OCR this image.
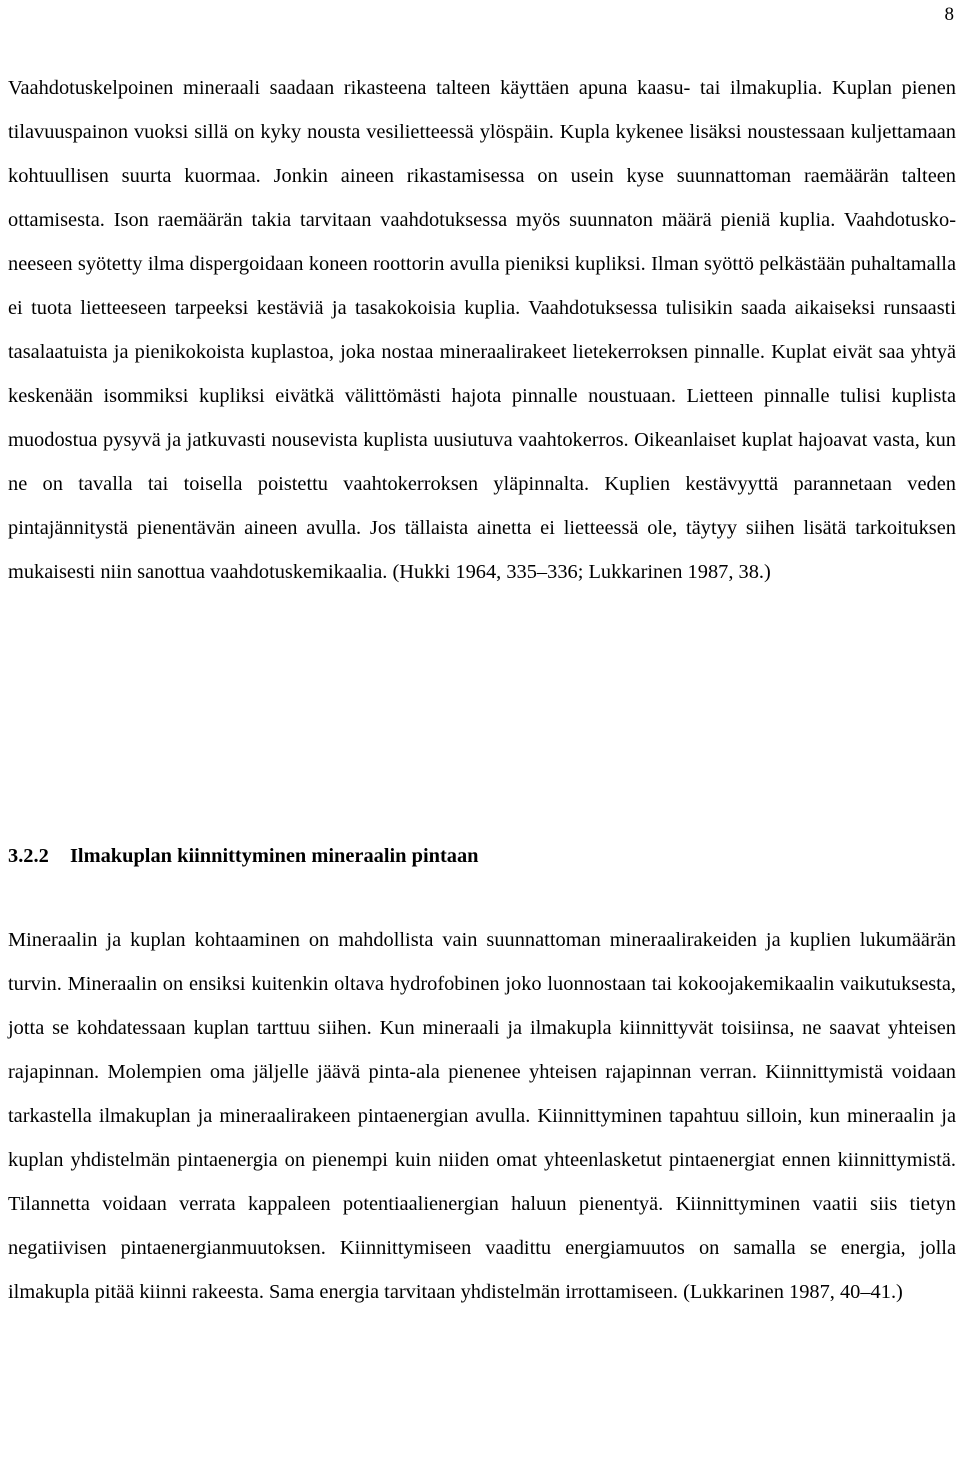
8

Vaahdotuskelpoinen mineraali saadaan rikasteena talteen käyttäen apuna kaasu- tai ilmakuplia. Kuplan pienen tilavuuspainon vuoksi sillä on kyky nousta vesilietteessä ylöspäin. Kupla kykenee lisäksi noustessaan kuljettamaan kohtuullisen suurta kuormaa. Jonkin aineen rikastamisessa on usein kyse suunnattoman raemäärän talteen ottamisesta. Ison raemäärän takia tarvitaan vaahdotuksessa myös suunnaton määrä pieniä kuplia. Vaahdotuskoneeseen syötetty ilma dispergoidaan koneen roottorin avulla pieniksi kupliksi. Ilman syöttö pelkästään puhaltamalla ei tuota lietteeseen tarpeeksi kestäviä ja tasakokoisia kuplia. Vaahdotuksessa tulisikin saada aikaiseksi runsaasti tasalaatuista ja pienikokoista kuplastoa, joka nostaa mineraalirakeet lietekerroksen pinnalle. Kuplat eivät saa yhtyä keskenään isommiksi kupliksi eivätkä välittömästi hajota pinnalle noustuaan. Lietteen pinnalle tulisi kuplista muodostua pysyvä ja jatkuvasti nousevista kuplista uusiutuva vaahtokerros. Oikeanlaiset kuplat hajoavat vasta, kun ne on tavalla tai toisella poistettu vaahtokerroksen yläpinnalta. Kuplien kestävyyttä parannetaan veden pintajännitystä pienentävän aineen avulla. Jos tällaista ainetta ei lietteessä ole, täytyy siihen lisätä tarkoituksen mukaisesti niin sanottua vaahdotuskemikaalia. (Hukki 1964, 335–336; Lukkarinen 1987, 38.)

3.2.2 Ilmakuplan kiinnittyminen mineraalin pintaan

Mineraalin ja kuplan kohtaaminen on mahdollista vain suunnattoman mineraalirakeiden ja kuplien lukumäärän turvin. Mineraalin on ensiksi kuitenkin oltava hydrofobinen joko luonnostaan tai kokoojakemikaalin vaikutuksesta, jotta se kohdatessaan kuplan tarttuu siihen. Kun mineraali ja ilmakupla kiinnittyvät toisiinsa, ne saavat yhteisen rajapinnan. Molempien oma jäljelle jäävä pinta-ala pienenee yhteisen rajapinnan verran. Kiinnittymistä voidaan tarkastella ilmakuplan ja mineraalirakeen pintaenergian avulla. Kiinnittyminen tapahtuu silloin, kun mineraalin ja kuplan yhdistelmän pintaenergia on pienempi kuin niiden omat yhteenlasketut pintaenergiat ennen kiinnittymistä. Tilannetta voidaan verrata kappaleen potentiaalienergian haluun pienentyä. Kiinnittyminen vaatii siis tietyn negatiivisen pintaenergianmuutoksen. Kiinnittymiseen vaadittu energiamuutos on samalla se energia, jolla ilmakupla pitää kiinni rakeesta. Sama energia tarvitaan yhdistelmän irrottamiseen. (Lukkarinen 1987, 40–41.)
